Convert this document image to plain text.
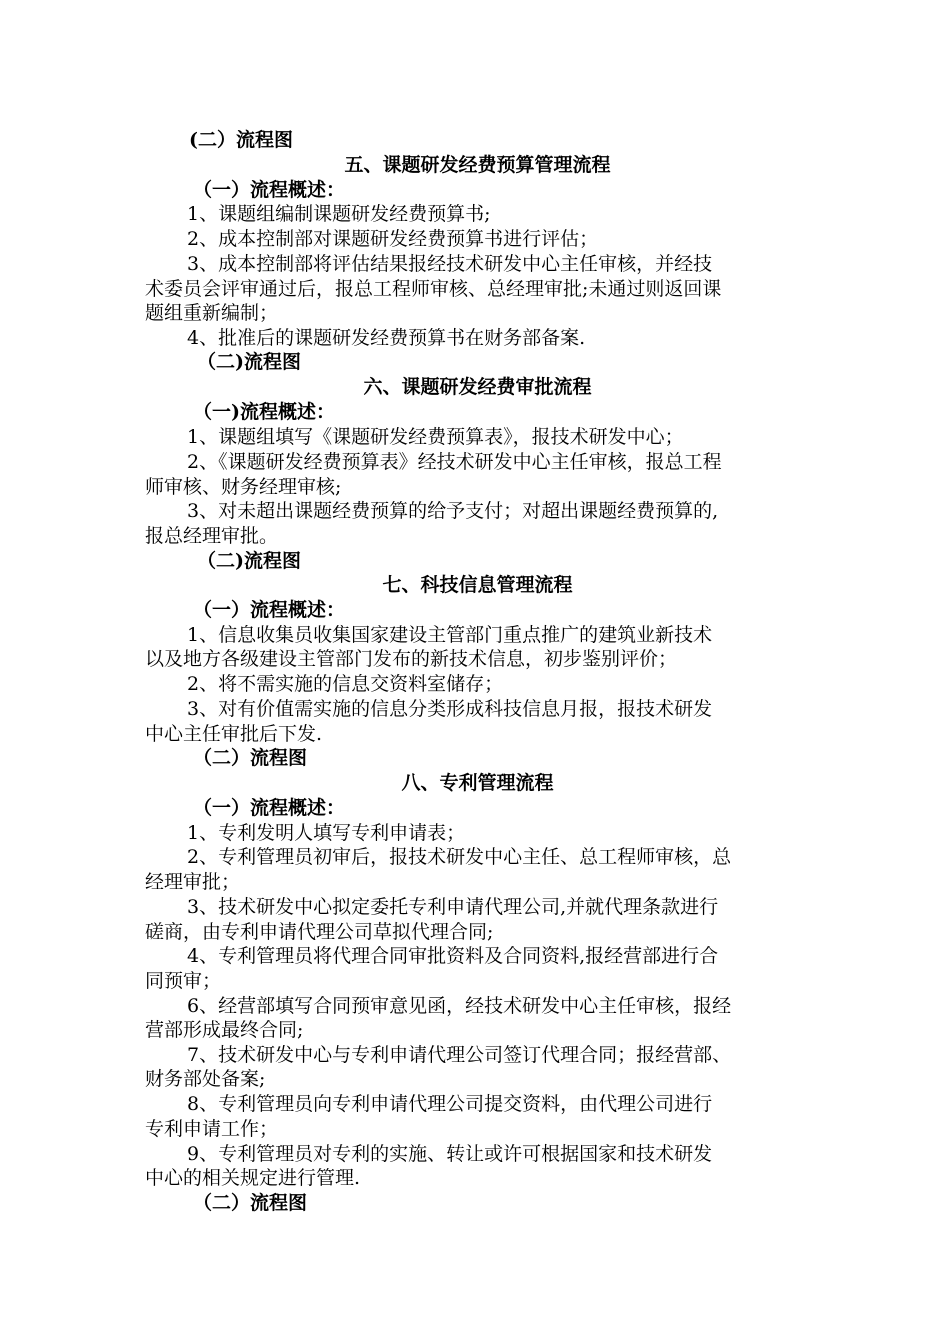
(二）流程图
五、课题研发经费预算管理流程
（一）流程概述：
1、课题组编制课题研发经费预算书;
2、成本控制部对课题研发经费预算书进行评估；
3、成本控制部将评估结果报经技术研发中心主任审核，并经技
术委员会评审通过后，报总工程师审核、总经理审批;未通过则返回课
题组重新编制；
4、批准后的课题研发经费预算书在财务部备案.
（二)流程图
六、课题研发经费审批流程
（一)流程概述：
1、课题组填写《课题研发经费预算表》，报技术研发中心；
2、《课题研发经费预算表》经技术研发中心主任审核，报总工程
师审核、财务经理审核;
3、对未超出课题经费预算的给予支付；对超出课题经费预算的,
报总经理审批。
（二)流程图
七、科技信息管理流程
（一）流程概述：
1、信息收集员收集国家建设主管部门重点推广的建筑业新技术
以及地方各级建设主管部门发布的新技术信息，初步鉴别评价；
2、将不需实施的信息交资料室储存；
3、对有价值需实施的信息分类形成科技信息月报，报技术研发
中心主任审批后下发.
（二）流程图
八、专利管理流程
（一）流程概述：
1、专利发明人填写专利申请表；
2、专利管理员初审后，报技术研发中心主任、总工程师审核，总
经理审批；
3、技术研发中心拟定委托专利申请代理公司,并就代理条款进行
磋商，由专利申请代理公司草拟代理合同;
4、专利管理员将代理合同审批资料及合同资料,报经营部进行合
同预审；
6、经营部填写合同预审意见函，经技术研发中心主任审核，报经
营部形成最终合同;
7、技术研发中心与专利申请代理公司签订代理合同；报经营部、
财务部处备案;
8、专利管理员向专利申请代理公司提交资料，由代理公司进行
专利申请工作；
9、专利管理员对专利的实施、转让或许可根据国家和技术研发
中心的相关规定进行管理.
（二）流程图
